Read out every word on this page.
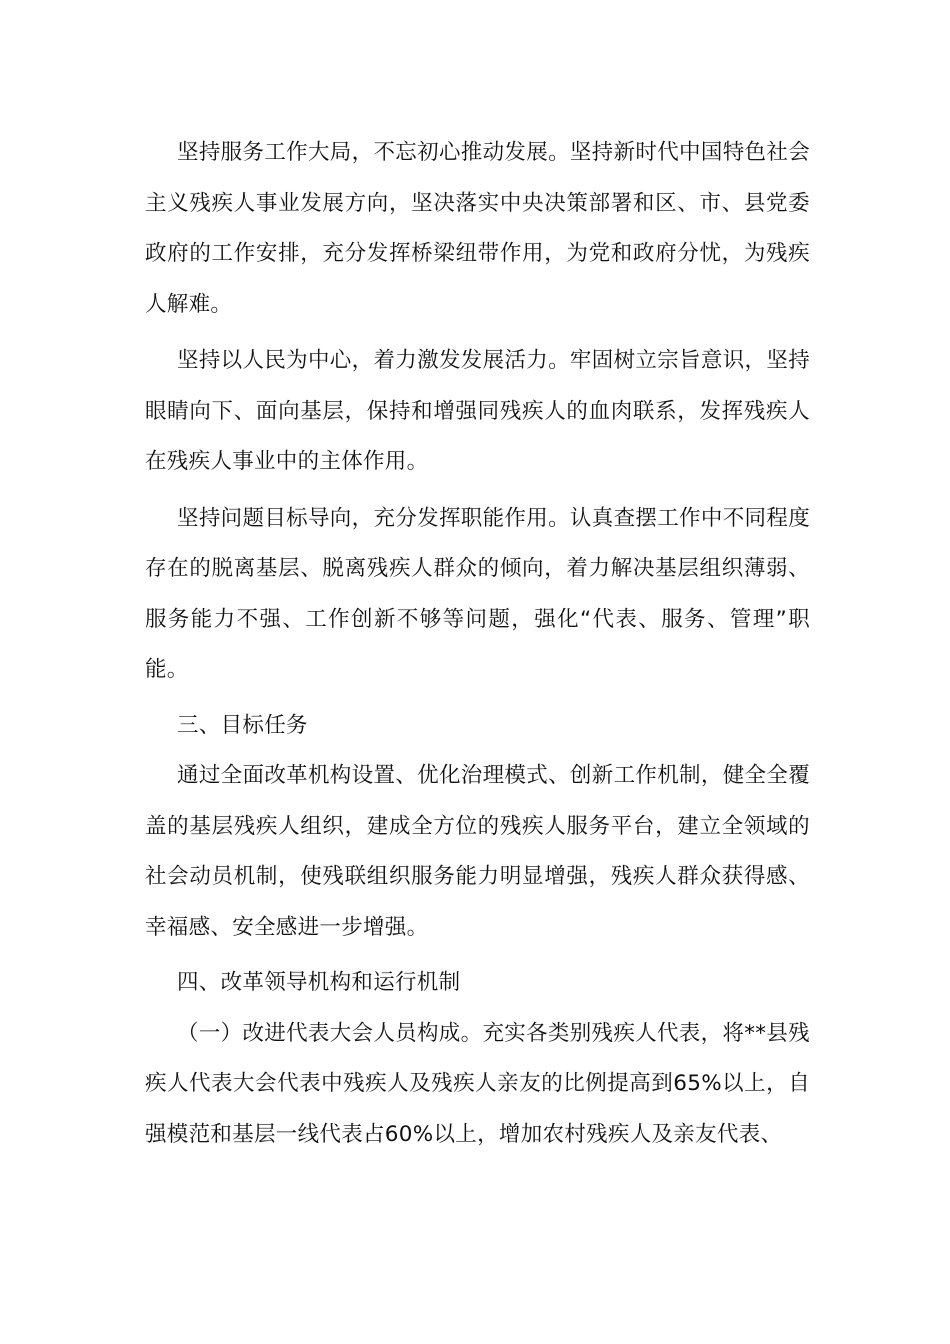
坚持服务工作大局，不忘初心推动发展。坚持新时代中国特色社会主义残疾人事业发展方向，坚决落实中央决策部署和区、市、县党委政府的工作安排，充分发挥桥梁纽带作用，为党和政府分忧，为残疾人解难。

坚持以人民为中心，着力激发发展活力。牢固树立宗旨意识，坚持眼睛向下、面向基层，保持和增强同残疾人的血肉联系，发挥残疾人在残疾人事业中的主体作用。

坚持问题目标导向，充分发挥职能作用。认真查摆工作中不同程度存在的脱离基层、脱离残疾人群众的倾向，着力解决基层组织薄弱、服务能力不强、工作创新不够等问题，强化“代表、服务、管理”职能。

三、目标任务

通过全面改革机构设置、优化治理模式、创新工作机制，健全全覆盖的基层残疾人组织，建成全方位的残疾人服务平台，建立全领域的社会动员机制，使残联组织服务能力明显增强，残疾人群众获得感、幸福感、安全感进一步增强。

四、改革领导机构和运行机制

（一）改进代表大会人员构成。充实各类别残疾人代表，将**县残疾人代表大会代表中残疾人及残疾人亲友的比例提高到65%以上，自强模范和基层一线代表占60%以上，增加农村残疾人及亲友代表、
